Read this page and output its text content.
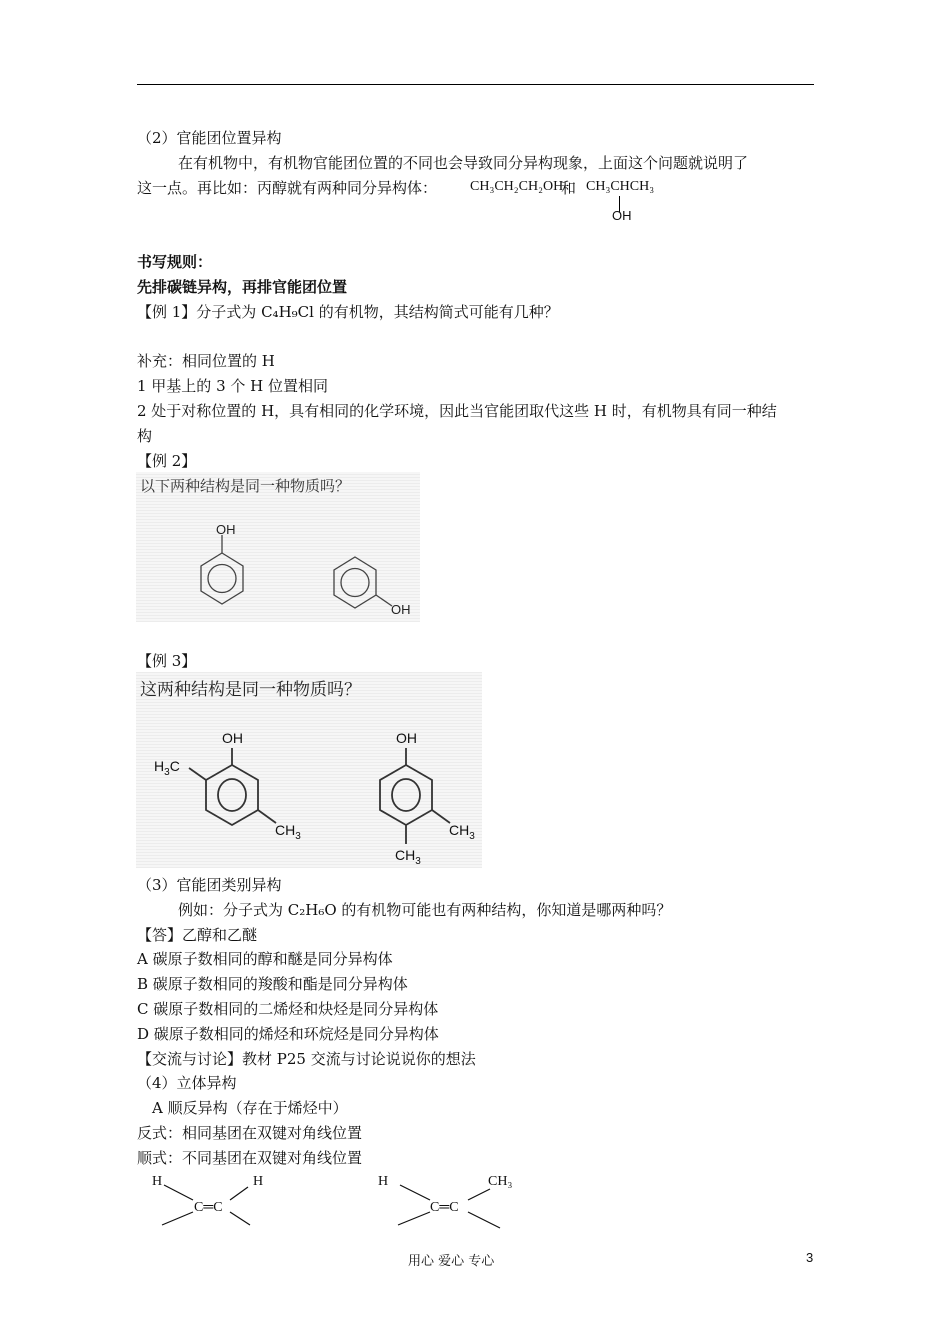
（2）官能团位置异构
在有机物中，有机物官能团位置的不同也会导致同分异构现象，上面这个问题就说明了
这一点。再比如：丙醇就有两种同分异构体： CH₃CH₂CH₂OH
和 CH₃CHCH₃
OH
书写规则：
先排碳链异构，再排官能团位置
【例 1】分子式为 C₄H₉Cl 的有机物，其结构简式可能有几种？
补充：相同位置的 H
1 甲基上的 3 个 H 位置相同
2 处于对称位置的 H，具有相同的化学环境，因此当官能团取代这些 H 时，有机物具有同一种结
构
【例 2】
以下两种结构是同一种物质吗？
OH
OH
【例 3】
这两种结构是同一种物质吗？
OH
$H_3C$
$CH_3$
OH
$CH_3$
$CH_3$
（3）官能团类别异构
例如：分子式为 C₂H₆O 的有机物可能也有两种结构，你知道是哪两种吗？
【答】乙醇和乙醚
A 碳原子数相同的醇和醚是同分异构体
B 碳原子数相同的羧酸和酯是同分异构体
C 碳原子数相同的二烯烃和炔烃是同分异构体
D 碳原子数相同的烯烃和环烷烃是同分异构体
【交流与讨论】教材 P25 交流与讨论说说你的想法
（4）立体异构
A 顺反异构（存在于烯烃中）
反式：相同基团在双键对角线位置
顺式：不同基团在双键对角线位置
H	H
C═C
H	CH₃
C═C
用心 爱心 专心	3
